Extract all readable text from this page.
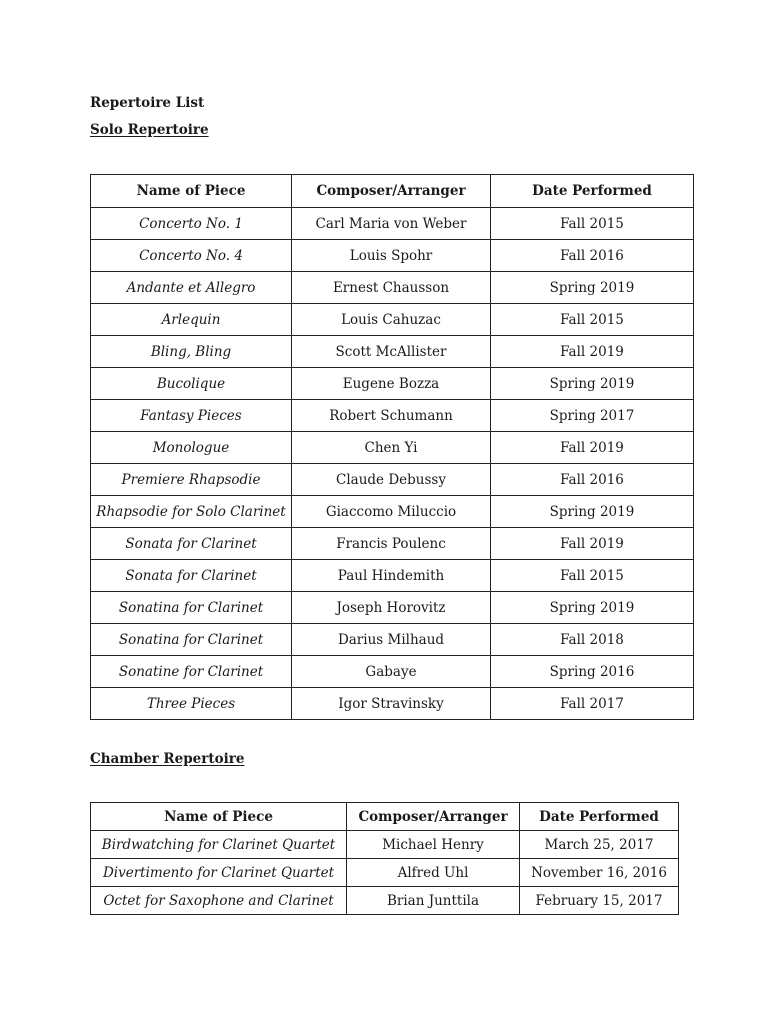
Repertoire List
Solo Repertoire
Name of Piece	Composer/Arranger	Date Performed
Concerto No. 1	Carl Maria von Weber	Fall 2015
Concerto No. 4	Louis Spohr	Fall 2016
Andante et Allegro	Ernest Chausson	Spring 2019
Arlequin	Louis Cahuzac	Fall 2015
Bling, Bling	Scott McAllister	Fall 2019
Bucolique	Eugene Bozza	Spring 2019
Fantasy Pieces	Robert Schumann	Spring 2017
Monologue	Chen Yi	Fall 2019
Premiere Rhapsodie	Claude Debussy	Fall 2016
Rhapsodie for Solo Clarinet	Giaccomo Miluccio	Spring 2019
Sonata for Clarinet	Francis Poulenc	Fall 2019
Sonata for Clarinet	Paul Hindemith	Fall 2015
Sonatina for Clarinet	Joseph Horovitz	Spring 2019
Sonatina for Clarinet	Darius Milhaud	Fall 2018
Sonatine for Clarinet	Gabaye	Spring 2016
Three Pieces	Igor Stravinsky	Fall 2017
Chamber Repertoire
Name of Piece	Composer/Arranger	Date Performed
Birdwatching for Clarinet Quartet	Michael Henry	March 25, 2017
Divertimento for Clarinet Quartet	Alfred Uhl	November 16, 2016
Octet for Saxophone and Clarinet	Brian Junttila	February 15, 2017
